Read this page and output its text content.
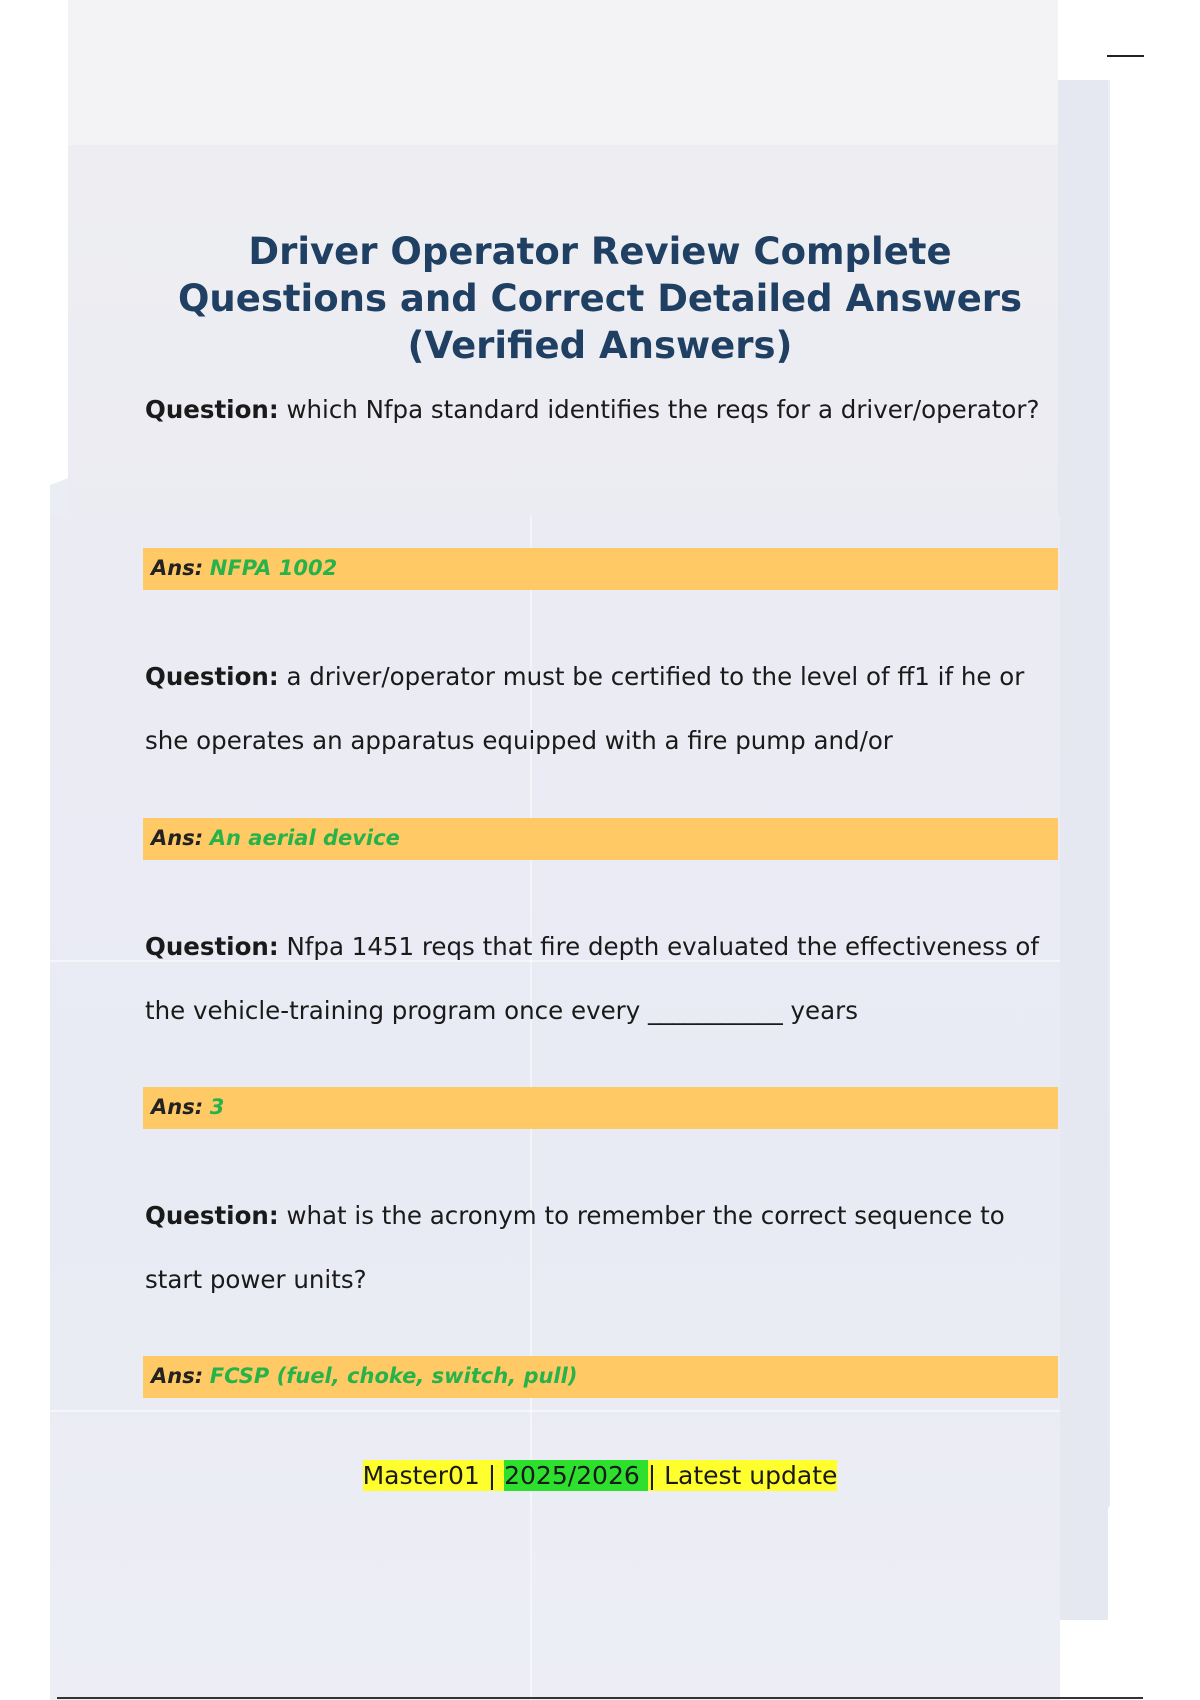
Driver Operator Review Complete Questions and Correct Detailed Answers (Verified Answers)

Question: which Nfpa standard identifies the reqs for a driver/operator?

Ans: NFPA 1002

Question: a driver/operator must be certified to the level of ff1 if he or she operates an apparatus equipped with a fire pump and/or

Ans: An aerial device

Question: Nfpa 1451 reqs that fire depth evaluated the effectiveness of the vehicle-training program once every ___________ years

Ans: 3

Question: what is the acronym to remember the correct sequence to start power units?

Ans: FCSP (fuel, choke, switch, pull)
Master01 | 2025/2026 | Latest update
